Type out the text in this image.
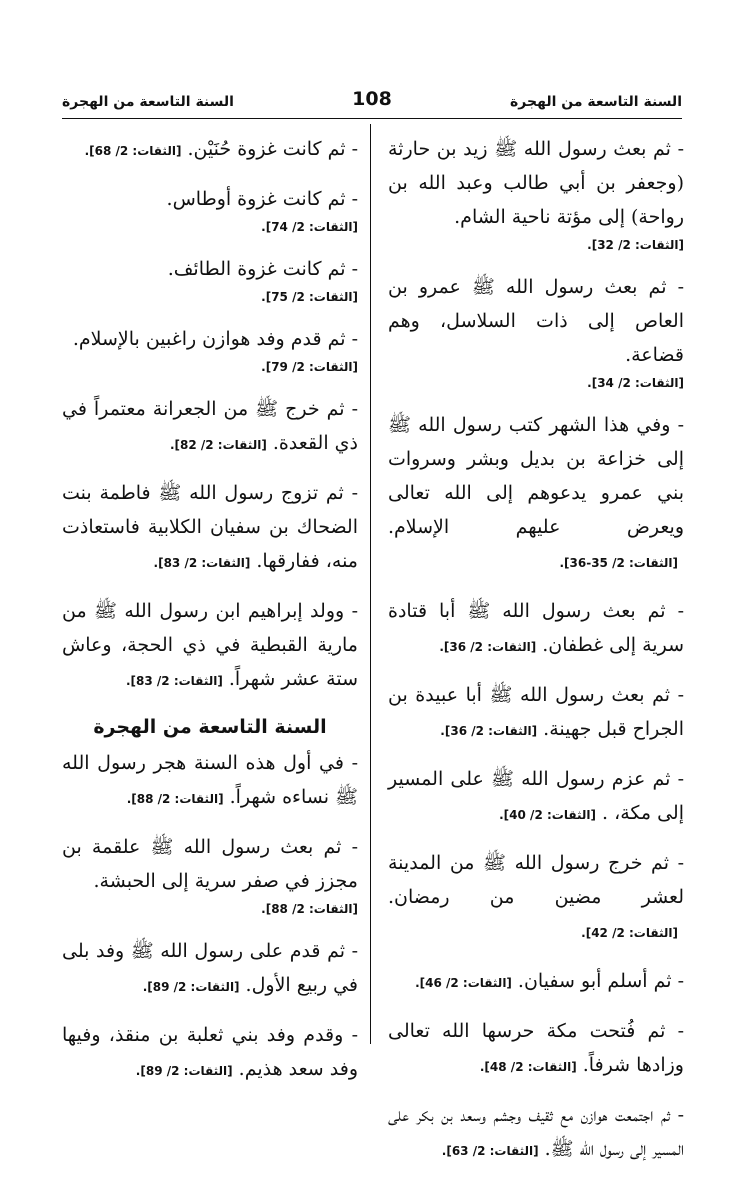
السنة التاسعة من الهجرة
108
السنة التاسعة من الهجرة

- ثم بعث رسول الله ﷺ زيد بن حارثة (وجعفر بن أبي طالب وعبد الله بن رواحة) إلى مؤتة ناحية الشام.
[الثقات: 2/ 32].

- ثم بعث رسول الله ﷺ عمرو بن العاص إلى ذات السلاسل، وهم قضاعة.
[الثقات: 2/ 34].

- وفي هذا الشهر كتب رسول الله ﷺ إلى خزاعة بن بديل وبشر وسروات بني عمرو يدعوهم إلى الله تعالى ويعرض عليهم الإسلام.[الثقات: 2/ 35-36].

- ثم بعث رسول الله ﷺ أبا قتادة سرية إلى غطفان.[الثقات: 2/ 36].

- ثم بعث رسول الله ﷺ أبا عبيدة بن الجراح قبل جهينة.[الثقات: 2/ 36].

- ثم عزم رسول الله ﷺ على المسير إلى مكة، .[الثقات: 2/ 40].

- ثم خرج رسول الله ﷺ من المدينة لعشر مضين من رمضان.[الثقات: 2/ 42].

- ثم أسلم أبو سفيان.[الثقات: 2/ 46].

- ثم فُتحت مكة حرسها الله تعالى وزادها شرفاً.[الثقات: 2/ 48].

- ثم اجتمعت هوازن مع ثقيف وجشم وسعد بن بكر على المسير إلى رسول الله ﷺ.[الثقات: 2/ 63].

- ثم كانت غزوة حُنَيْن.[الثقات: 2/ 68].

- ثم كانت غزوة أوطاس.
[الثقات: 2/ 74].

- ثم كانت غزوة الطائف.
[الثقات: 2/ 75].

- ثم قدم وفد هوازن راغبين بالإسلام.
[الثقات: 2/ 79].

- ثم خرج ﷺ من الجعرانة معتمراً في ذي القعدة.[الثقات: 2/ 82].

- ثم تزوج رسول الله ﷺ فاطمة بنت الضحاك بن سفيان الكلابية فاستعاذت منه، ففارقها.[الثقات: 2/ 83].

- وولد إبراهيم ابن رسول الله ﷺ من مارية القبطية في ذي الحجة، وعاش ستة عشر شهراً.[الثقات: 2/ 83].

السنة التاسعة من الهجرة

- في أول هذه السنة هجر رسول الله ﷺ نساءه شهراً.[الثقات: 2/ 88].

- ثم بعث رسول الله ﷺ علقمة بن مجزز في صفر سرية إلى الحبشة.
[الثقات: 2/ 88].

- ثم قدم على رسول الله ﷺ وفد بلى في ربيع الأول.[الثقات: 2/ 89].

- وقدم وفد بني ثعلبة بن منقذ، وفيها وفد سعد هذيم.[الثقات: 2/ 89].
